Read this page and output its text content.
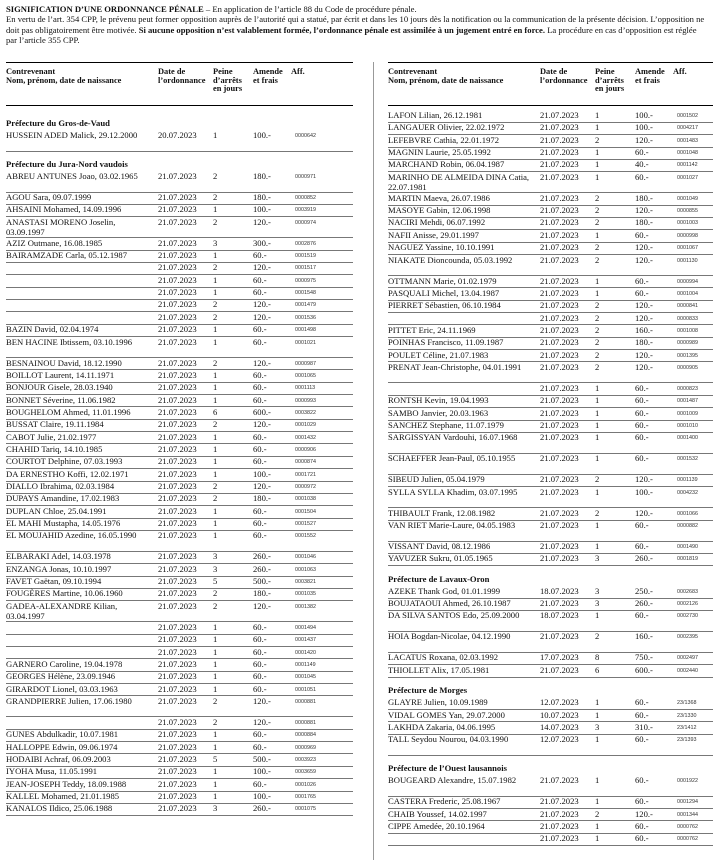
SIGNIFICATION D’UNE ORDONNANCE PÉNALE – En application de l’article 88 du Code de procédure pénale.
En vertu de l’art. 354 CPP, le prévenu peut former opposition auprès de l’autorité qui a statué, par écrit et dans les 10 jours dès la notification ou la communication de la présente décision. L’opposition ne doit pas obligatoirement être motivée. Si aucune opposition n’est valablement formée, l’ordonnance pénale est assimilée à un jugement entré en force. La procédure en cas d’opposition est réglée par l’article 355 CPP.
Contrevenant
Nom, prénom, date de naissance
Date de
l’ordonnance
Peine
d’arrêts
en jours
Amende
et frais
Aff.
Préfecture du Gros-de-Vaud
HUSSEIN ADED Malick, 29.12.2000	20.07.2023 1	100.-	0000642
Préfecture du Jura-Nord vaudois
ABREU ANTUNES Joao, 03.02.1965	21.07.2023 2	180.-	0000971
AGOU Sara, 09.07.1999	21.07.2023 2	180.-	0000852
AHSAINI Mohamed, 14.09.1996	21.07.2023 1	100.-	0003919
ANASTASI MORENO Joselin, 03.09.1997
21.07.2023 2	120.-	0000974
AZIZ Outmane, 16.08.1985	21.07.2023 3	300.-	0002876
BAIRAMZADE Carla, 05.12.1987	21.07.2023 1	60.-	0001519
21.07.2023 2	120.-	0001517
21.07.2023 1	60.-	0000975
21.07.2023 1	60.-	0001548
21.07.2023 2	120.-	0001479
21.07.2023 2	120.-	0001536
BAZIN David, 02.04.1974	21.07.2023 1	60.-	0001498
BEN HACINE Ibtissem, 03.10.1996	21.07.2023 1	60.-	0001021
BESNAINOU David, 18.12.1990	21.07.2023 2	120.-	0000987
BOILLOT Laurent, 14.11.1971	21.07.2023 1	60.-	0001065
BONJOUR Gisele, 28.03.1940	21.07.2023 1	60.-	0001113
BONNET Séverine, 11.06.1982	21.07.2023 1	60.-	0000993
BOUGHELOM Ahmed, 11.01.1996	21.07.2023 6	600.-	0003822
BUSSAT Claire, 19.11.1984	21.07.2023 2	120.-	0001029
CABOT Julie, 21.02.1977	21.07.2023 1	60.-	0001432
CHAHID Tariq, 14.10.1985	21.07.2023 1	60.-	0000906
COURTOT Delphine, 07.03.1993	21.07.2023 1	60.-	0000874
DA ERNESTHO Koffi, 12.02.1971	21.07.2023 1	100.-	0001721
DIALLO Ibrahima, 02.03.1984	21.07.2023 2	120.-	0000972
DUPAYS Amandine, 17.02.1983	21.07.2023 2	180.-	0001038
DUPLAN Chloe, 25.04.1991	21.07.2023 1	60.-	0001504
EL MAHI Mustapha, 14.05.1976	21.07.2023 1	60.-	0001527
EL MOUJAHID Azedine, 16.05.1990	21.07.2023 1	60.-	0001552
ELBARAKI Adel, 14.03.1978	21.07.2023 3	260.-	0001046
ENZANGA Jonas, 10.10.1997	21.07.2023 3	260.-	0001063
FAVET Gaëtan, 09.10.1994	21.07.2023 5	500.-	0003821
FOUGÈRES Martine, 10.06.1960	21.07.2023 2	180.-	0001035
GADEA-ALEXANDRE Kilian, 03.04.1997
21.07.2023 2	120.-	0001382
21.07.2023 1	60.-	0001494
21.07.2023 1	60.-	0001437
21.07.2023 1	60.-	0001420
GARNERO Caroline, 19.04.1978	21.07.2023 1	60.-	0001149
GEORGES Hélène, 23.09.1946	21.07.2023 1	60.-	0001045
GIRARDOT Lionel, 03.03.1963	21.07.2023 1	60.-	0001051
GRANDPIERRE Julien, 17.06.1980	21.07.2023 2	120.-	0000881
21.07.2023 2	120.-	0000881
GUNES Abdulkadir, 10.07.1981	21.07.2023 1	60.-	0000884
HALLOPPE Edwin, 09.06.1974	21.07.2023 1	60.-	0000969
HODAIBI Achraf, 06.09.2003	21.07.2023 5	500.-	0003923
IYOHA Musa, 11.05.1991	21.07.2023 1	100.-	0003659
JEAN-JOSEPH Teddy, 18.09.1988	21.07.2023 1	60.-	0001026
KALLEL Mohamed, 21.01.1985	21.07.2023 1	100.-	0001765
KANALOS Ildico, 25.06.1988	21.07.2023 3	260.-	0001075
Contrevenant
Nom, prénom, date de naissance
Date de
l’ordonnance
Peine
d’arrêts
en jours
Amende
et frais
Aff.
LAFON Lilian, 26.12.1981	21.07.2023 1	100.-	0001502
LANGAUER Olivier, 22.02.1972	21.07.2023 1	100.-	0004217
LEFEBVRE Cathia, 22.01.1972	21.07.2023 2	120.-	0001483
MAGNIN Laurie, 25.05.1992	21.07.2023 1	60.-	0001048
MARCHAND Robin, 06.04.1987	21.07.2023 1	40.-	0001142
MARINHO DE ALMEIDA DINA Catia, 22.07.1981
21.07.2023 1	60.-	0001027
MARTIN Maeva, 26.07.1986	21.07.2023 2	180.-	0001049
MASOYE Gabin, 12.06.1998	21.07.2023 2	120.-	0000855
NACIRI Mehdi, 06.07.1992	21.07.2023 2	180.-	0001003
NAFII Anisse, 29.01.1997	21.07.2023 1	60.-	0000998
NAGUEZ Yassine, 10.10.1991	21.07.2023 2	120.-	0001067
NIAKATE Dioncounda, 05.03.1992	21.07.2023 2	120.-	0001130
OTTMANN Marie, 01.02.1979	21.07.2023 1	60.-	0000994
PASQUALI Michel, 13.04.1987	21.07.2023 1	60.-	0001004
PIERRET Sébastien, 06.10.1984	21.07.2023 2	120.-	0000841
21.07.2023 2	120.-	0000833
PITTET Eric, 24.11.1969	21.07.2023 2	160.-	0001008
POINHAS Francisco, 11.09.1987	21.07.2023 2	180.-	0000989
POULET Céline, 21.07.1983	21.07.2023 2	120.-	0001395
PRENAT Jean-Christophe, 04.01.1991	21.07.2023 2	120.-	0000905
21.07.2023 1	60.-	0000823
RONTSH Kevin, 19.04.1993	21.07.2023 1	60.-	0001487
SAMBO Janvier, 20.03.1963	21.07.2023 1	60.-	0001009
SANCHEZ Stephane, 11.07.1979	21.07.2023 1	60.-	0001010
SARGISSYAN Vardouhi, 16.07.1968	21.07.2023 1	60.-	0001400
SCHAEFFER Jean-Paul, 05.10.1955	21.07.2023 1	60.-	0001532
SIBEUD Julien, 05.04.1979	21.07.2023 2	120.-	0001139
SYLLA SYLLA Khadim, 03.07.1995	21.07.2023 1	100.-	0004232
THIBAULT Frank, 12.08.1982	21.07.2023 2	120.-	0001066
VAN RIET Marie-Laure, 04.05.1983	21.07.2023 1	60.-	0000882
VISSANT David, 08.12.1986	21.07.2023 1	60.-	0001490
YAVUZER Sukru, 01.05.1965	21.07.2023 3	260.-	0001819
Préfecture de Lavaux-Oron
AZEKE Thank God, 01.01.1999	18.07.2023 3	250.-	0002683
BOUJATAOUI Ahmed, 26.10.1987	21.07.2023 3	260.-	0002126
DA SILVA SANTOS Edo, 25.09.2000	18.07.2023 1	60.-	0002730
HOIA Bogdan-Nicolae, 04.12.1990	21.07.2023 2	160.-	0002395
LACATUS Roxana, 02.03.1992	17.07.2023 8	750.-	0002497
THIOLLET Alix, 17.05.1981	21.07.2023 6	600.-	0002440
Préfecture de Morges
GLAYRE Julien, 10.09.1989	12.07.2023 1	60.-	23/1368
VIDAL GOMES Yan, 29.07.2000	10.07.2023 1	60.-	23/1330
LAKHDA Zakaria, 04.06.1995	14.07.2023 3	310.-	23/1412
TALL Seydou Nourou, 04.03.1990	12.07.2023 1	60.-	23/1393
Préfecture de l’Ouest lausannois
BOUGEARD Alexandre, 15.07.1982	21.07.2023 1	60.-	0001922
CASTERA Frederic, 25.08.1967	21.07.2023 1	60.-	0001294
CHAIB Youssef, 14.02.1997	21.07.2023 2	120.-	0001344
CIPPE Amedée, 20.10.1964	21.07.2023 1	60.-	0000762
21.07.2023 1	60.-	0000762
